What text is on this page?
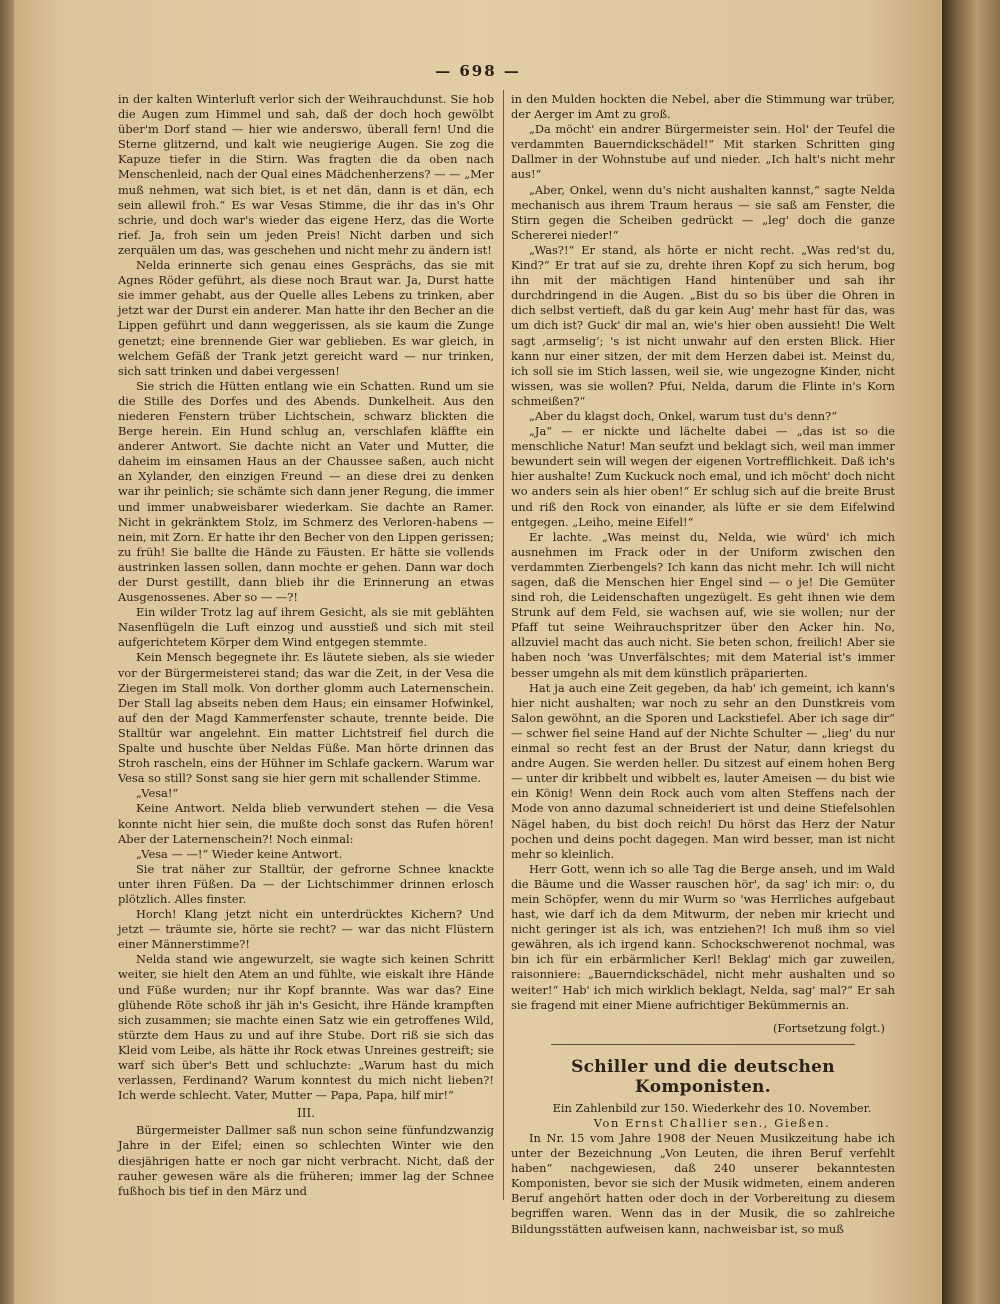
— 698 —

in der kalten Winterluft verlor sich der Weihrauchdunst. Sie hob die Augen zum Himmel und sah, daß der doch hoch gewölbt über'm Dorf stand — hier wie anderswo, überall fern! Und die Sterne glitzernd, und kalt wie neugierige Augen. Sie zog die Kapuze tiefer in die Stirn. Was fragten die da oben nach Menschenleid, nach der Qual eines Mädchenherzens? — — „Mer muß nehmen, wat sich biet, is et net dän, dann is et dän, ech sein allewil froh.“ Es war Vesas Stimme, die ihr das in's Ohr schrie, und doch war's wieder das eigene Herz, das die Worte rief. Ja, froh sein um jeden Preis! Nicht darben und sich zerquälen um das, was geschehen und nicht mehr zu ändern ist!

Nelda erinnerte sich genau eines Gesprächs, das sie mit Agnes Röder geführt, als diese noch Braut war. Ja, Durst hatte sie immer gehabt, aus der Quelle alles Lebens zu trinken, aber jetzt war der Durst ein anderer. Man hatte ihr den Becher an die Lippen geführt und dann weggerissen, als sie kaum die Zunge genetzt; eine brennende Gier war geblieben. Es war gleich, in welchem Gefäß der Trank jetzt gereicht ward — nur trinken, sich satt trinken und dabei vergessen!

Sie strich die Hütten entlang wie ein Schatten. Rund um sie die Stille des Dorfes und des Abends. Dunkelheit. Aus den niederen Fenstern trüber Lichtschein, schwarz blickten die Berge herein. Ein Hund schlug an, verschlafen kläffte ein anderer Antwort. Sie dachte nicht an Vater und Mutter, die daheim im einsamen Haus an der Chaussee saßen, auch nicht an Xylander, den einzigen Freund — an diese drei zu denken war ihr peinlich; sie schämte sich dann jener Regung, die immer und immer unabweisbarer wiederkam. Sie dachte an Ramer. Nicht in gekränktem Stolz, im Schmerz des Verloren-habens — nein, mit Zorn. Er hatte ihr den Becher von den Lippen gerissen; zu früh! Sie ballte die Hände zu Fäusten. Er hätte sie vollends austrinken lassen sollen, dann mochte er gehen. Dann war doch der Durst gestillt, dann blieb ihr die Erinnerung an etwas Ausgenossenes. Aber so — —?!

Ein wilder Trotz lag auf ihrem Gesicht, als sie mit geblähten Nasenflügeln die Luft einzog und ausstieß und sich mit steil aufgerichtetem Körper dem Wind entgegen stemmte.

Kein Mensch begegnete ihr. Es läutete sieben, als sie wieder vor der Bürgermeisterei stand; das war die Zeit, in der Vesa die Ziegen im Stall molk. Von dorther glomm auch Laternenschein. Der Stall lag abseits neben dem Haus; ein einsamer Hofwinkel, auf den der Magd Kammerfenster schaute, trennte beide. Die Stalltür war angelehnt. Ein matter Lichtstreif fiel durch die Spalte und huschte über Neldas Füße. Man hörte drinnen das Stroh rascheln, eins der Hühner im Schlafe gackern. Warum war Vesa so still? Sonst sang sie hier gern mit schallender Stimme.

„Vesa!“

Keine Antwort. Nelda blieb verwundert stehen — die Vesa konnte nicht hier sein, die mußte doch sonst das Rufen hören! Aber der Laternenschein?! Noch einmal:

„Vesa — —!“ Wieder keine Antwort.

Sie trat näher zur Stalltür, der gefrorne Schnee knackte unter ihren Füßen. Da — der Lichtschimmer drinnen erlosch plötzlich. Alles finster.

Horch! Klang jetzt nicht ein unterdrücktes Kichern? Und jetzt — träumte sie, hörte sie recht? — war das nicht Flüstern einer Männerstimme?!

Nelda stand wie angewurzelt, sie wagte sich keinen Schritt weiter, sie hielt den Atem an und fühlte, wie eiskalt ihre Hände und Füße wurden; nur ihr Kopf brannte. Was war das? Eine glühende Röte schoß ihr jäh in's Gesicht, ihre Hände krampften sich zusammen; sie machte einen Satz wie ein getroffenes Wild, stürzte dem Haus zu und auf ihre Stube. Dort riß sie sich das Kleid vom Leibe, als hätte ihr Rock etwas Unreines gestreift; sie warf sich über's Bett und schluchzte: „Warum hast du mich verlassen, Ferdinand? Warum konntest du mich nicht lieben?! Ich werde schlecht. Vater, Mutter — Papa, Papa, hilf mir!“

III.

Bürgermeister Dallmer saß nun schon seine fünfundzwanzig Jahre in der Eifel; einen so schlechten Winter wie den diesjährigen hatte er noch gar nicht verbracht. Nicht, daß der rauher gewesen wäre als die früheren; immer lag der Schnee fußhoch bis tief in den März und

in den Mulden hockten die Nebel, aber die Stimmung war trüber, der Aerger im Amt zu groß.

„Da möcht' ein andrer Bürgermeister sein. Hol' der Teufel die verdammten Bauerndickschädel!“ Mit starken Schritten ging Dallmer in der Wohnstube auf und nieder. „Ich halt's nicht mehr aus!“

„Aber, Onkel, wenn du's nicht aushalten kannst,“ sagte Nelda mechanisch aus ihrem Traum heraus — sie saß am Fenster, die Stirn gegen die Scheiben gedrückt — „leg' doch die ganze Schererei nieder!“

„Was?!“ Er stand, als hörte er nicht recht. „Was red'st du, Kind?“ Er trat auf sie zu, drehte ihren Kopf zu sich herum, bog ihn mit der mächtigen Hand hintenüber und sah ihr durchdringend in die Augen. „Bist du so bis über die Ohren in dich selbst vertieft, daß du gar kein Aug' mehr hast für das, was um dich ist? Guck' dir mal an, wie's hier oben aussieht! Die Welt sagt ‚armselig‘; 's ist nicht unwahr auf den ersten Blick. Hier kann nur einer sitzen, der mit dem Herzen dabei ist. Meinst du, ich soll sie im Stich lassen, weil sie, wie ungezogne Kinder, nicht wissen, was sie wollen? Pfui, Nelda, darum die Flinte in's Korn schmeißen?“

„Aber du klagst doch, Onkel, warum tust du's denn?“

„Ja“ — er nickte und lächelte dabei — „das ist so die menschliche Natur! Man seufzt und beklagt sich, weil man immer bewundert sein will wegen der eigenen Vortrefflichkeit. Daß ich's hier aushalte! Zum Kuckuck noch emal, und ich möcht' doch nicht wo anders sein als hier oben!“ Er schlug sich auf die breite Brust und riß den Rock von einander, als lüfte er sie dem Eifelwind entgegen. „Leiho, meine Eifel!“

Er lachte. „Was meinst du, Nelda, wie würd' ich mich ausnehmen im Frack oder in der Uniform zwischen den verdammten Zierbengels? Ich kann das nicht mehr. Ich will nicht sagen, daß die Menschen hier Engel sind — o je! Die Gemüter sind roh, die Leidenschaften ungezügelt. Es geht ihnen wie dem Strunk auf dem Feld, sie wachsen auf, wie sie wollen; nur der Pfaff tut seine Weihrauchspritzer über den Acker hin. No, allzuviel macht das auch nicht. Sie beten schon, freilich! Aber sie haben noch 'was Unverfälschtes; mit dem Material ist's immer besser umgehn als mit dem künstlich präparierten.

Hat ja auch eine Zeit gegeben, da hab' ich gemeint, ich kann's hier nicht aushalten; war noch zu sehr an den Dunstkreis vom Salon gewöhnt, an die Sporen und Lackstiefel. Aber ich sage dir“ — schwer fiel seine Hand auf der Nichte Schulter — „lieg' du nur einmal so recht fest an der Brust der Natur, dann kriegst du andre Augen. Sie werden heller. Du sitzest auf einem hohen Berg — unter dir kribbelt und wibbelt es, lauter Ameisen — du bist wie ein König! Wenn dein Rock auch vom alten Steffens nach der Mode von anno dazumal schneideriert ist und deine Stiefelsohlen Nägel haben, du bist doch reich! Du hörst das Herz der Natur pochen und deins pocht dagegen. Man wird besser, man ist nicht mehr so kleinlich.

Herr Gott, wenn ich so alle Tag die Berge anseh, und im Wald die Bäume und die Wasser rauschen hör', da sag' ich mir: o, du mein Schöpfer, wenn du mir Wurm so 'was Herrliches aufgebaut hast, wie darf ich da dem Mitwurm, der neben mir kriecht und nicht geringer ist als ich, was entziehen?! Ich muß ihm so viel gewähren, als ich irgend kann. Schockschwerenot nochmal, was bin ich für ein erbärmlicher Kerl! Beklag' mich gar zuweilen, raisonniere: „Bauerndickschädel, nicht mehr aushalten und so weiter!“ Hab' ich mich wirklich beklagt, Nelda, sag' mal?“ Er sah sie fragend mit einer Miene aufrichtiger Bekümmernis an.

(Fortsetzung folgt.)
Schiller und die deutschen Komponisten.

Ein Zahlenbild zur 150. Wiederkehr des 10. November.

Von Ernst Challier sen., Gießen.

In Nr. 15 vom Jahre 1908 der Neuen Musikzeitung habe ich unter der Bezeichnung „Von Leuten, die ihren Beruf verfehlt haben“ nachgewiesen, daß 240 unserer bekanntesten Komponisten, bevor sie sich der Musik widmeten, einem anderen Beruf angehört hatten oder doch in der Vorbereitung zu diesem begriffen waren. Wenn das in der Musik, die so zahlreiche Bildungsstätten aufweisen kann, nachweisbar ist, so muß
